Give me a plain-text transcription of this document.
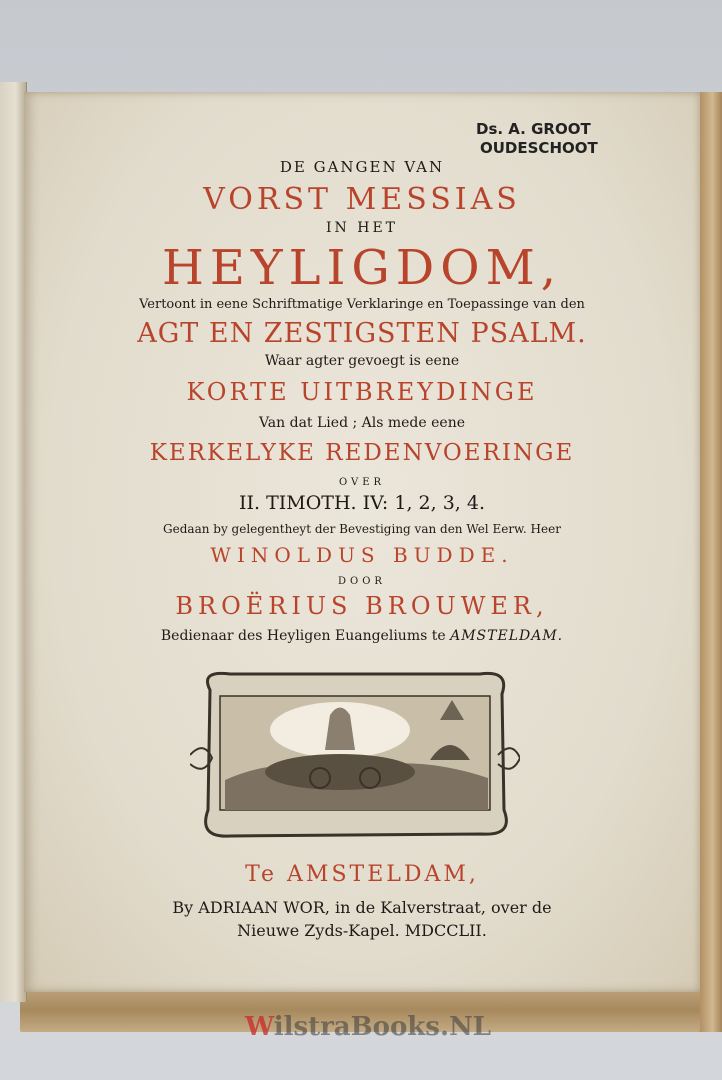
Ds. A. GROOT
OUDESCHOOT
DE GANGEN VAN
VORST MESSIAS
IN HET
HEYLIGDOM,
Vertoont in eene Schriftmatige Verklaringe en Toepassinge van den
AGT EN ZESTIGSTEN PSALM.
Waar agter gevoegt is eene
KORTE UITBREYDINGE
Van dat Lied ; Als mede eene
KERKELYKE REDENVOERINGE
OVER
II. TIMOTH. IV: 1, 2, 3, 4.
Gedaan by gelegentheyt der Bevestiging van den Wel Eerw. Heer
WINOLDUS BUDDE.
DOOR
BROËRIUS BROUWER,
Bedienaar des Heyligen Euangeliums te AMSTELDAM.
Te AMSTELDAM,
By ADRIAAN WOR, in de Kalverstraat, over de
Nieuwe Zyds-Kapel. MDCCLII.
WilstraBooks.NL
